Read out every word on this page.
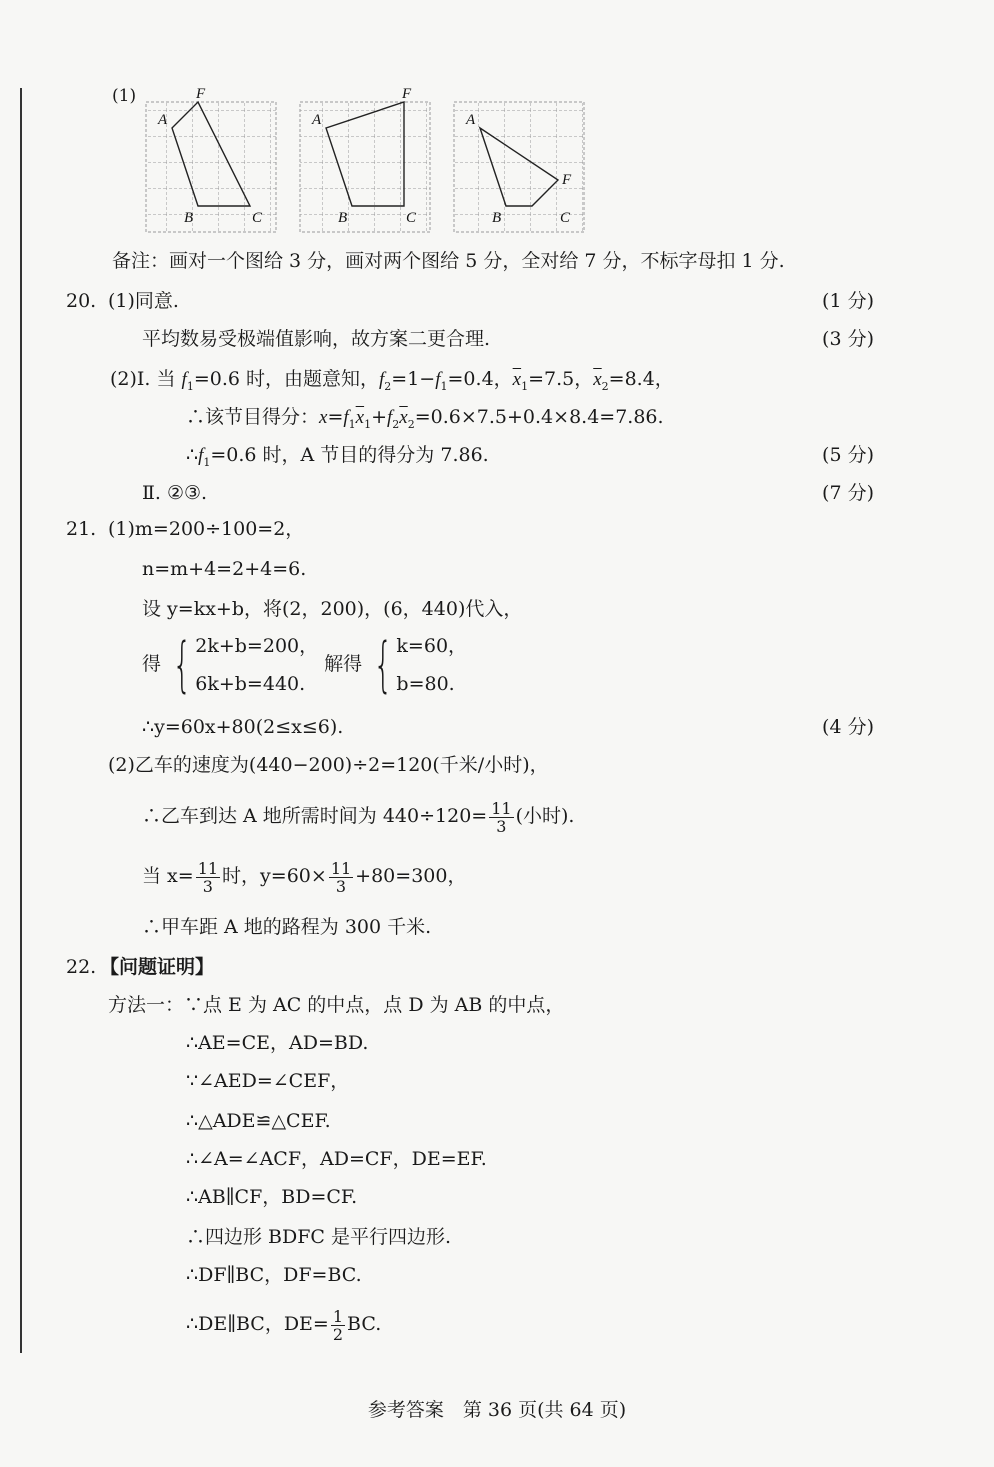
(1)
A
F
B	C
A
F
B	C
A
F
B	C
备注：画对一个图给 3 分，画对两个图给 5 分，全对给 7 分，不标字母扣 1 分.
20. (1)同意.	(1 分)
平均数易受极端值影响，故方案二更合理.	(3 分)
(2)Ⅰ. 当 $f_1=0.6$ 时，由题意知，$f_2=1-f_1=0.4$，$\overline{x}_1=7.5$，$\overline{x}_2=8.4$，
∴该节目得分：$x=f_1\overline{x}_1+f_2\overline{x}_2=0.6\times 7.5+0.4\times 8.4=7.86$.
$\therefore f_1=0.6$ 时，A 节目的得分为 7.86.	(5 分)
Ⅱ. ②③.	(7 分)
21. (1)m=200÷100=2，
n=m+4=2+4=6.
设 y=kx+b，将(2，200)，(6，440)代入，
得 { 2k+b=200，
6k+b=440.
解得 { k=60，
b=80.
∴y=60x+80(2≤x≤6).	(4 分)
(2)乙车的速度为(440−200)÷2=120(千米/小时)，
∴乙车到达 A 地所需时间为 $440\div 120= \frac{11}{3}$ (小时).
当 $x= \frac{11}{3}$ 时，$y=60\times \frac{11}{3} +80=300$，
∴甲车距 A 地的路程为 300 千米.
22. 【问题证明】
方法一：∵点 E 为 AC 的中点，点 D 为 AB 的中点，
∴AE=CE，AD=BD.
∵∠AED=∠CEF，
∴△ADE≌△CEF.
∴∠A=∠ACF，AD=CF，DE=EF.
∴AB∥CF，BD=CF.
∴四边形 BDFC 是平行四边形.
∴DF∥BC，DF=BC.
∴DE∥BC，$DE= \frac{1}{2}$ BC.
参考答案　第 36 页(共 64 页)
